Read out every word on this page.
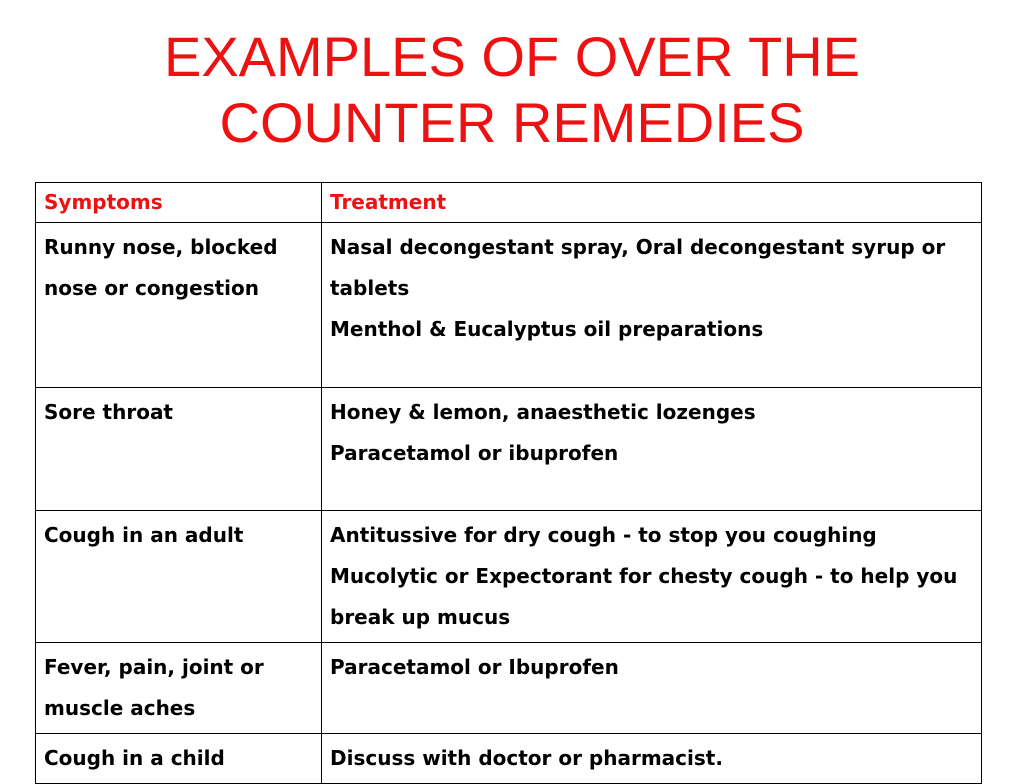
EXAMPLES OF OVER THE
COUNTER REMEDIES
Symptoms	Treatment
Runny nose, blocked nose or congestion	Nasal decongestant spray, Oral decongestant syrup or tablets
Menthol & Eucalyptus oil preparations

Sore throat	Honey & lemon, anaesthetic lozenges
Paracetamol or ibuprofen

Cough in an adult	Antitussive for dry cough - to stop you coughing
Mucolytic or Expectorant for chesty cough - to help you break up mucus

Fever, pain, joint or muscle aches	Paracetamol or Ibuprofen

Cough in a child	Discuss with doctor or pharmacist.
